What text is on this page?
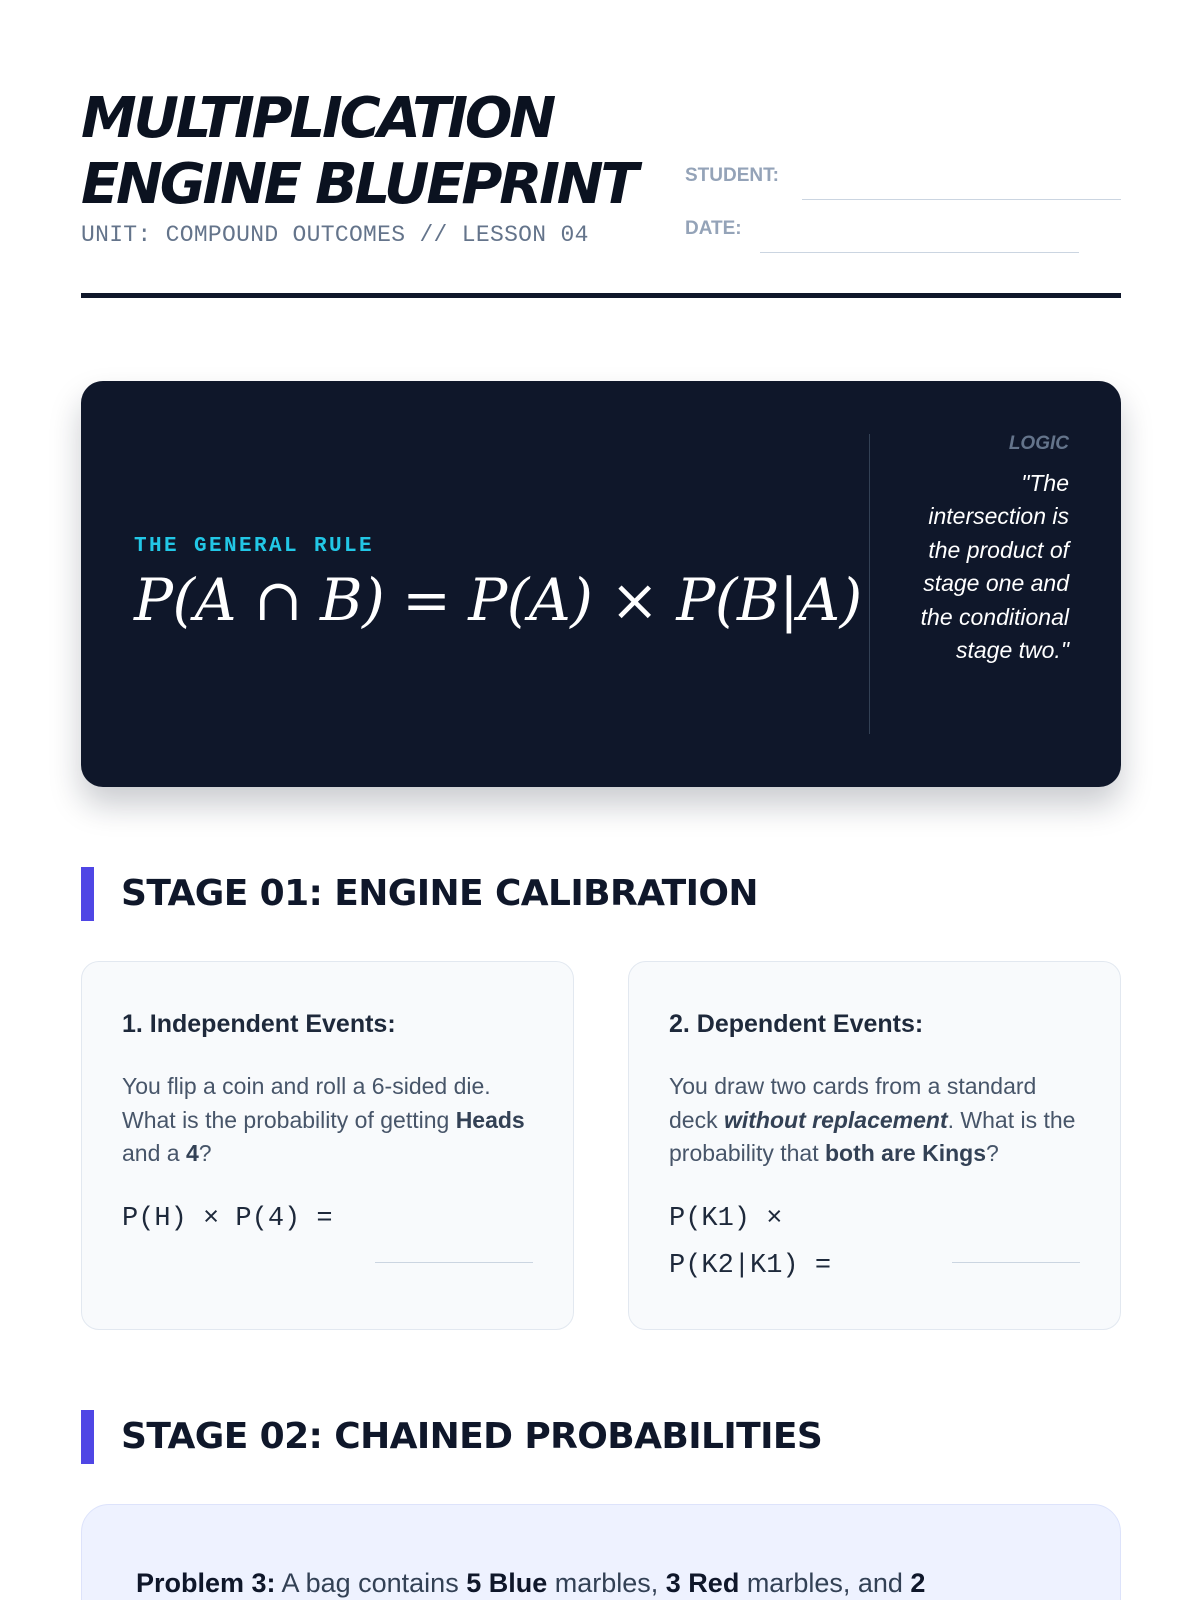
MULTIPLICATION
ENGINE BLUEPRINT
UNIT: COMPOUND OUTCOMES // LESSON 04
STUDENT:
DATE:
THE GENERAL RULE
P(A ∩ B) = P(A) × P(B|A)
LOGIC
"The intersection is the product of stage one and the conditional stage two."
STAGE 01: ENGINE CALIBRATION
1. Independent Events:
You flip a coin and roll a 6-sided die. What is the probability of getting Heads and a 4?
P(H) × P(4) =
2. Dependent Events:
You draw two cards from a standard deck without replacement. What is the probability that both are Kings?
P(K1) × P(K2|K1) =
STAGE 02: CHAINED PROBABILITIES
Problem 3: A bag contains 5 Blue marbles, 3 Red marbles, and 2
